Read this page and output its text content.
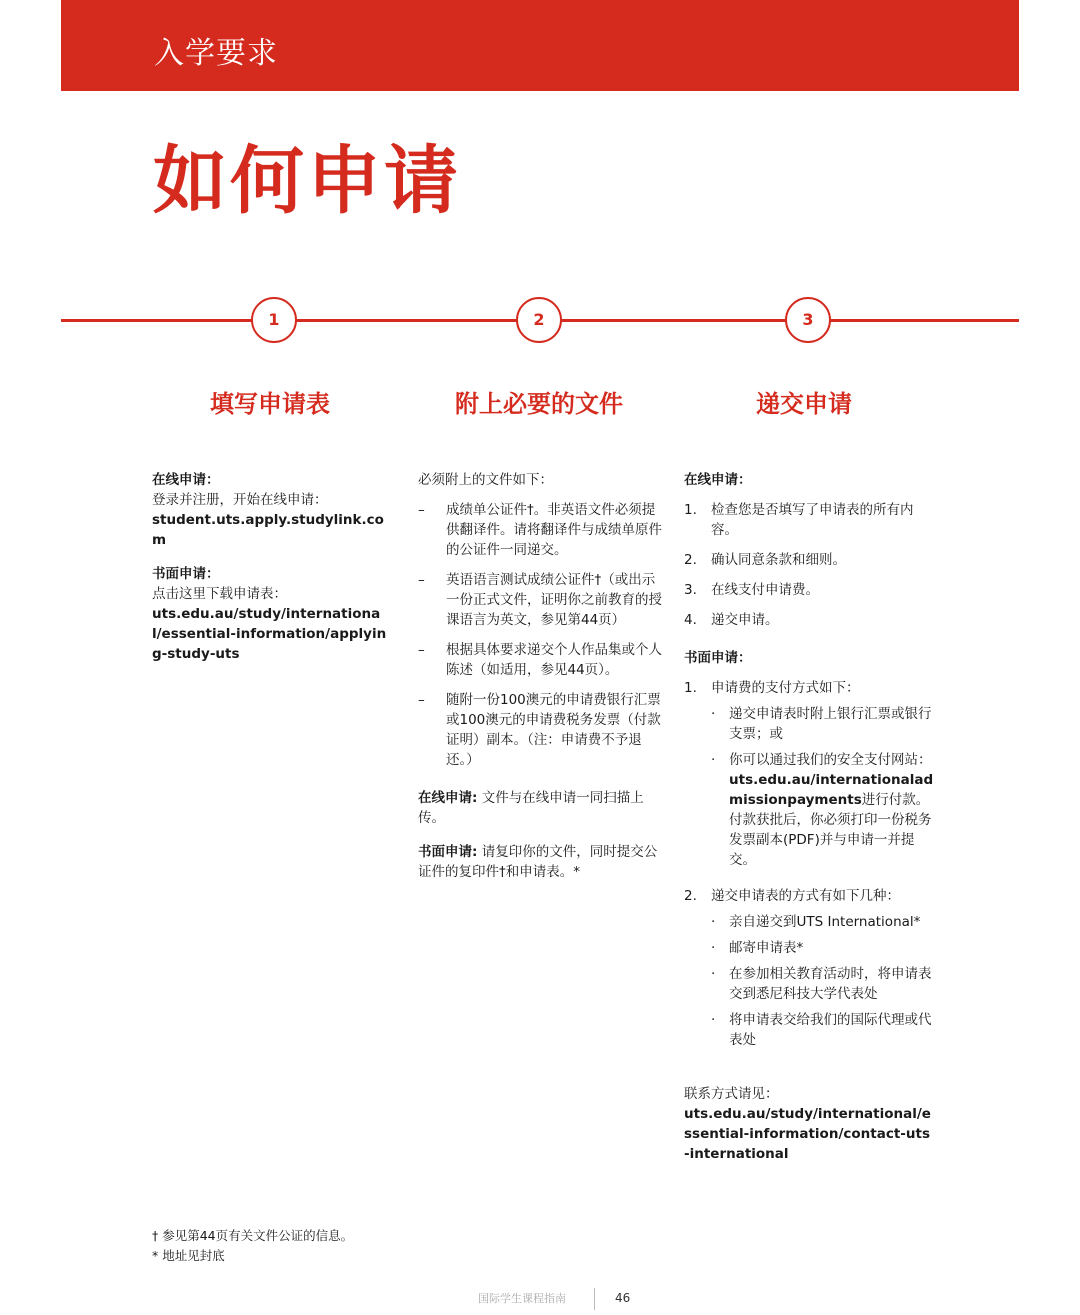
入学要求
如何申请
1	2	3
填写申请表	附上必要的文件	递交申请
在线申请：
登录并注册，开始在线申请：
student.uts.apply.studylink.com
书面申请：
点击这里下载申请表：
uts.edu.au/study/international/essential-information/applying-study-uts
必须附上的文件如下：
– 成绩单公证件†。非英语文件必须提供翻译件。请将翻译件与成绩单原件的公证件一同递交。
– 英语语言测试成绩公证件†（或出示一份正式文件，证明你之前教育的授课语言为英文，参见第44页）
– 根据具体要求递交个人作品集或个人陈述（如适用，参见44页）。
– 随附一份100澳元的申请费银行汇票或100澳元的申请费税务发票（付款证明）副本。（注：申请费不予退还。）
在线申请: 文件与在线申请一同扫描上传。
书面申请: 请复印你的文件，同时提交公证件的复印件†和申请表。*
在线申请：
1. 检查您是否填写了申请表的所有内容。
2. 确认同意条款和细则。
3. 在线支付申请费。
4. 递交申请。
书面申请：
1. 申请费的支付方式如下：
· 递交申请表时附上银行汇票或银行支票；或
· 你可以通过我们的安全支付网站：uts.edu.au/internationaladmissionpayments进行付款。付款获批后，你必须打印一份税务发票副本(PDF)并与申请一并提交。
2. 递交申请表的方式有如下几种：
· 亲自递交到UTS International*
· 邮寄申请表*
· 在参加相关教育活动时，将申请表交到悉尼科技大学代表处
· 将申请表交给我们的国际代理或代表处
联系方式请见：
uts.edu.au/study/international/essential-information/contact-uts-international
† 参见第44页有关文件公证的信息。
* 地址见封底
国际学生课程指南	46
